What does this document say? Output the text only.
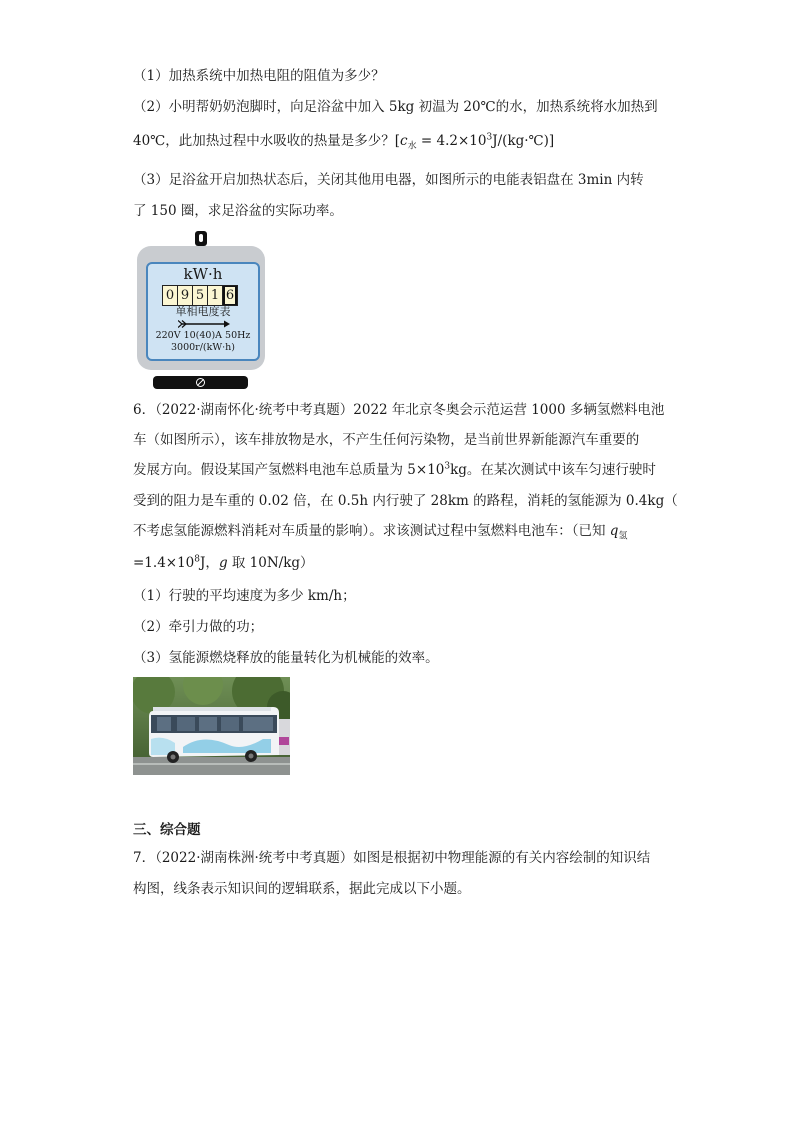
（1）加热系统中加热电阻的阻值为多少？
（2）小明帮奶奶泡脚时，向足浴盆中加入 5kg 初温为 20℃的水，加热系统将水加热到
40℃，此加热过程中水吸收的热量是多少？[$c_水$ = $4.2\times 10^3J/(kg\cdot℃)$]
（3）足浴盆开启加热状态后，关闭其他用电器，如图所示的电能表铝盘在 3min 内转
了 150 圈，求足浴盆的实际功率。
kW·h
0 9 5 1 6
单相电度表
220V 10(40)A 50Hz
3000r/(kW·h)
6．（2022·湖南怀化·统考中考真题）2022 年北京冬奥会示范运营 1000 多辆氢燃料电池
车（如图所示），该车排放物是水，不产生任何污染物，是当前世界新能源汽车重要的
发展方向。假设某国产氢燃料电池车总质量为 $5\times 10^3kg$。在某次测试中该车匀速行驶时
受到的阻力是车重的 0.02 倍，在 0.5h 内行驶了 28km 的路程，消耗的氢能源为 0.4kg（
不考虑氢能源燃料消耗对车质量的影响）。求该测试过程中氢燃料电池车：（已知 $q_氢$
$=1.4\times 10^8J$，g 取 10N/kg）
（1）行驶的平均速度为多少 km/h；
（2）牵引力做的功；
（3）氢能源燃烧释放的能量转化为机械能的效率。
三、综合题
7．（2022·湖南株洲·统考中考真题）如图是根据初中物理能源的有关内容绘制的知识结
构图，线条表示知识间的逻辑联系，据此完成以下小题。
